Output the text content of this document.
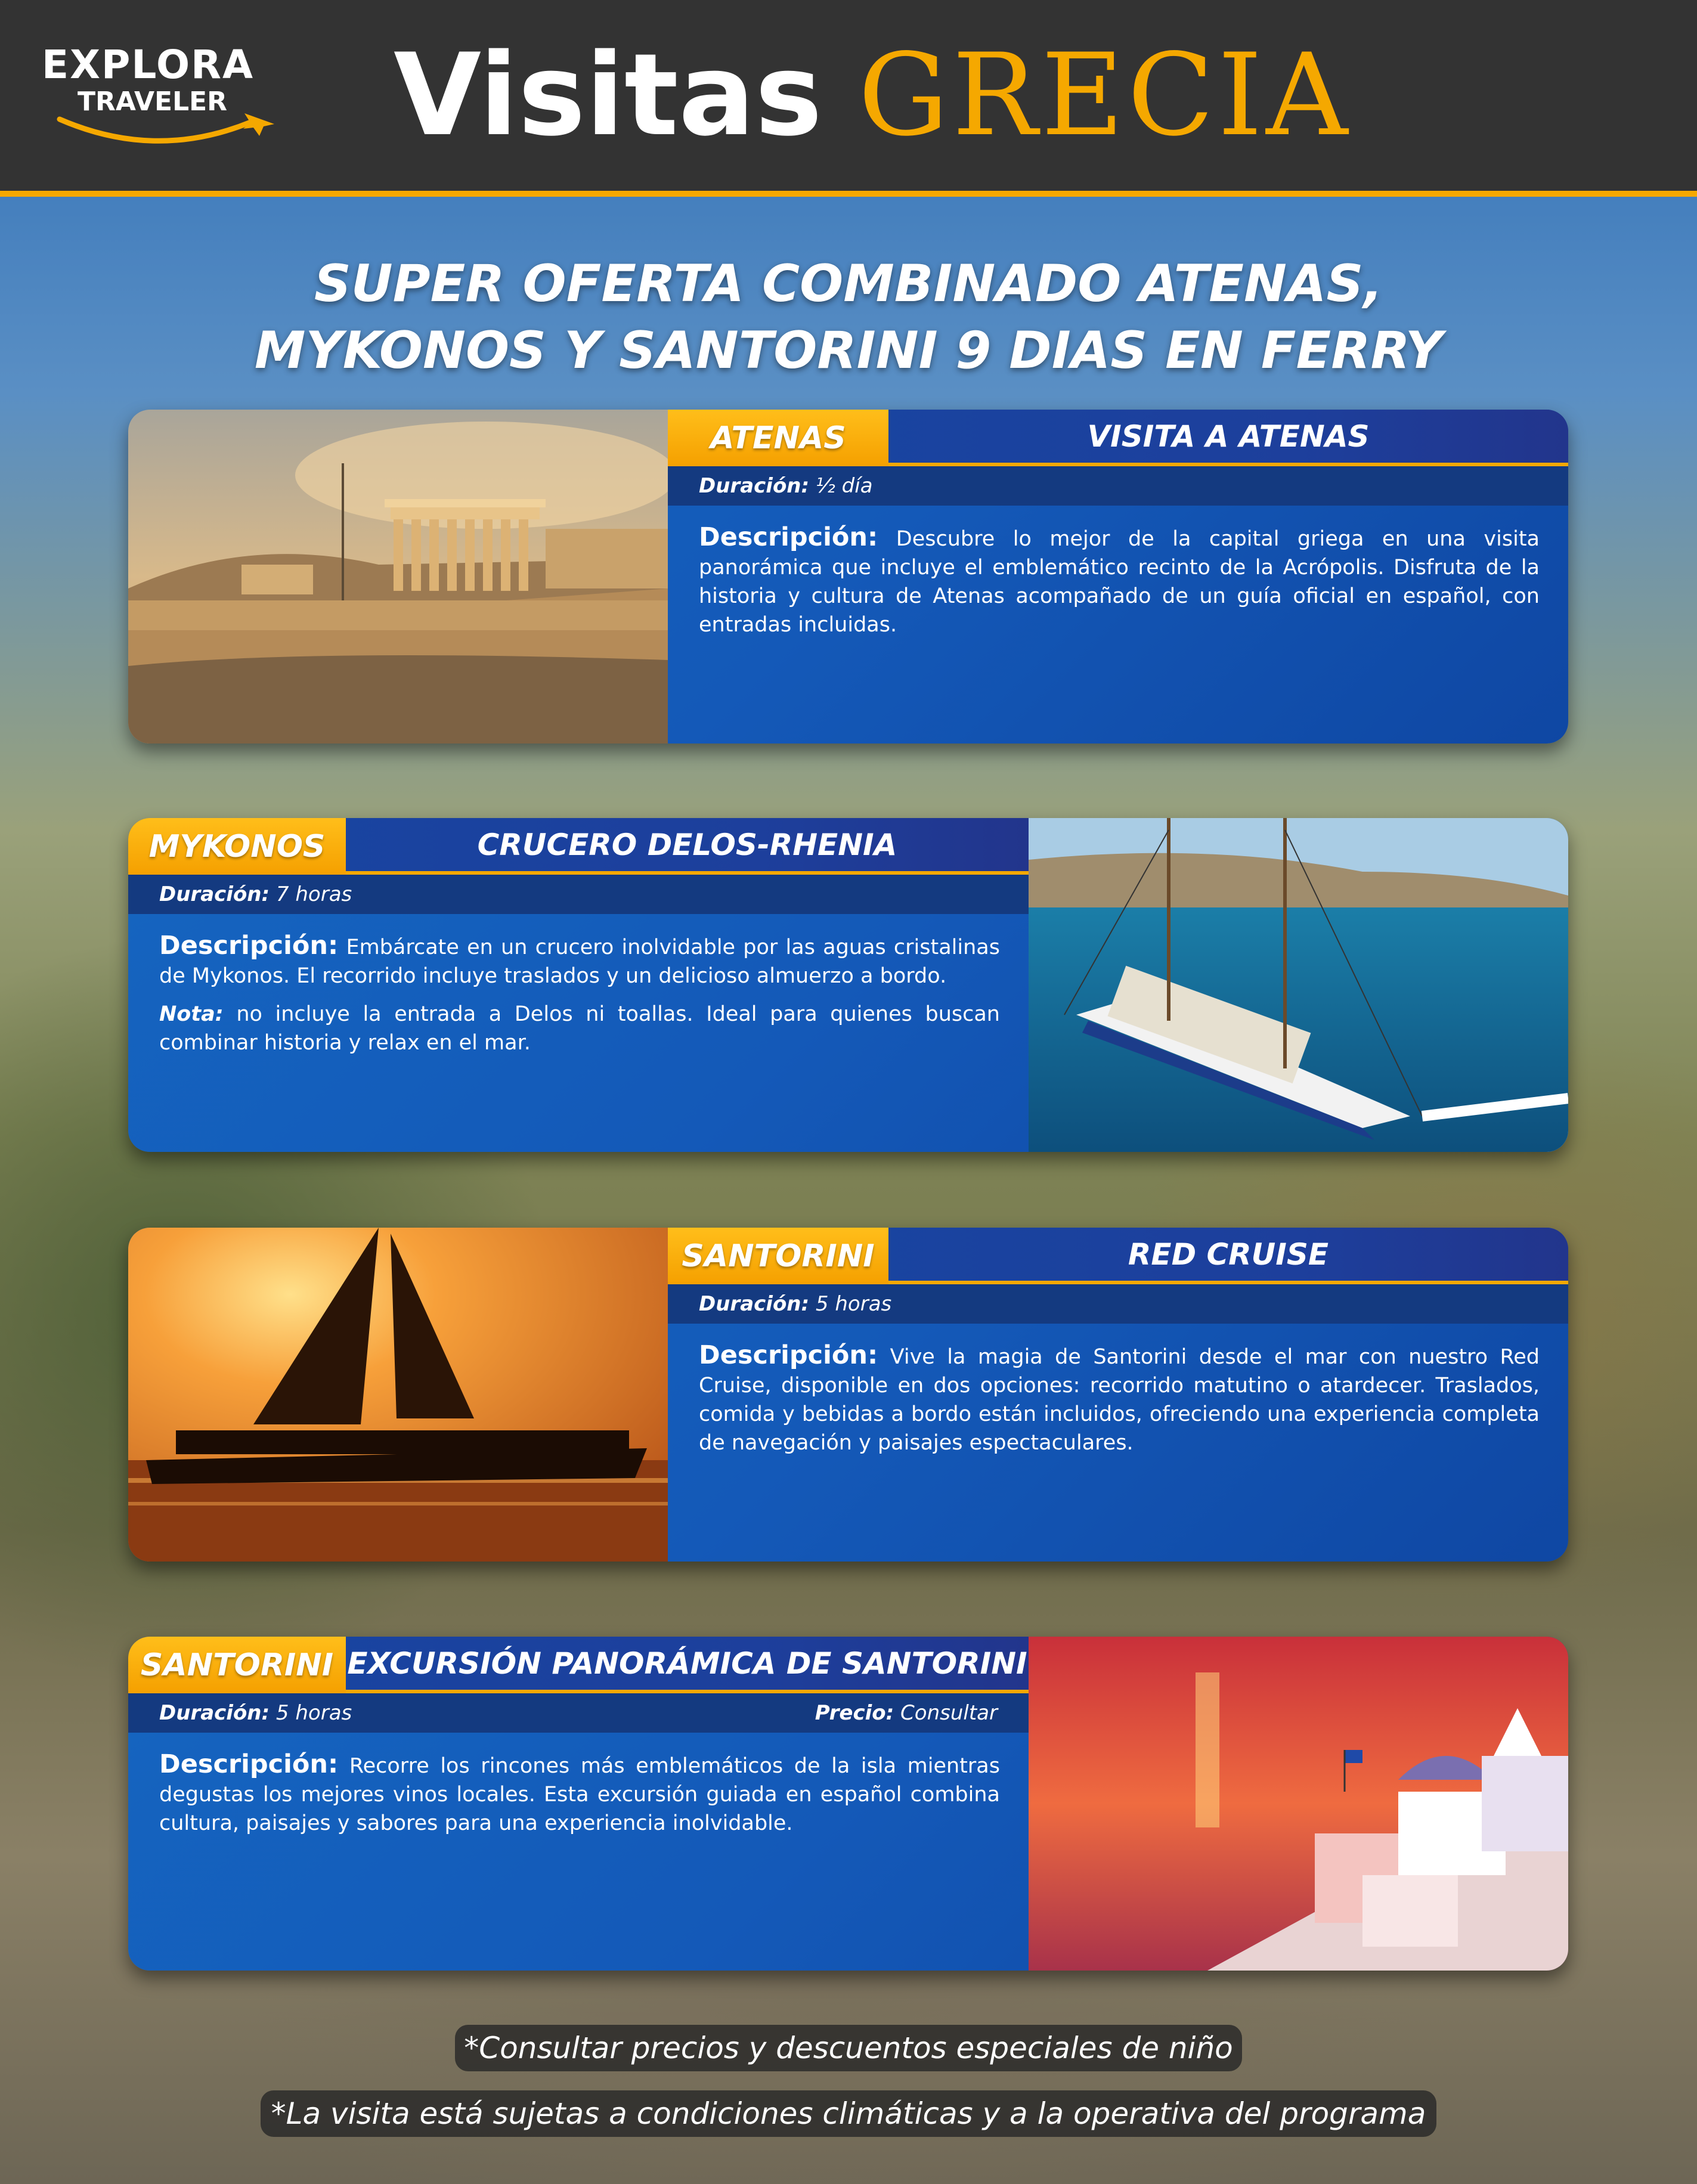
EXPLORA
TRAVELER Visitas GRECIA
SUPER OFERTA COMBINADO ATENAS,
MYKONOS Y SANTORINI 9 DIAS EN FERRY
ATENAS	VISITA A ATENAS
Duración: ½ día
Descripción: Descubre lo mejor de la capital griega en una visita panorámica que incluye el emblemático recinto de la Acrópolis. Disfruta de la historia y cultura de Atenas acompañado de un guía oficial en español, con entradas incluidas.
MYKONOS	CRUCERO DELOS-RHENIA
Duración: 7 horas
Descripción: Embárcate en un crucero inolvidable por las aguas cristalinas de Mykonos. El recorrido incluye traslados y un delicioso almuerzo a bordo.
Nota: no incluye la entrada a Delos ni toallas. Ideal para quienes buscan combinar historia y relax en el mar.
SANTORINI	RED CRUISE
Duración: 5 horas
Descripción: Vive la magia de Santorini desde el mar con nuestro Red Cruise, disponible en dos opciones: recorrido matutino o atardecer. Traslados, comida y bebidas a bordo están incluidos, ofreciendo una experiencia completa de navegación y paisajes espectaculares.
SANTORINI EXCURSIÓN PANORÁMICA DE SANTORINI
Duración: 5 horas	Precio: Consultar
Descripción: Recorre los rincones más emblemáticos de la isla mientras degustas los mejores vinos locales. Esta excursión guiada en español combina cultura, paisajes y sabores para una experiencia inolvidable.
*Consultar precios y descuentos especiales de niño
*La visita está sujetas a condiciones climáticas y a la operativa del programa
